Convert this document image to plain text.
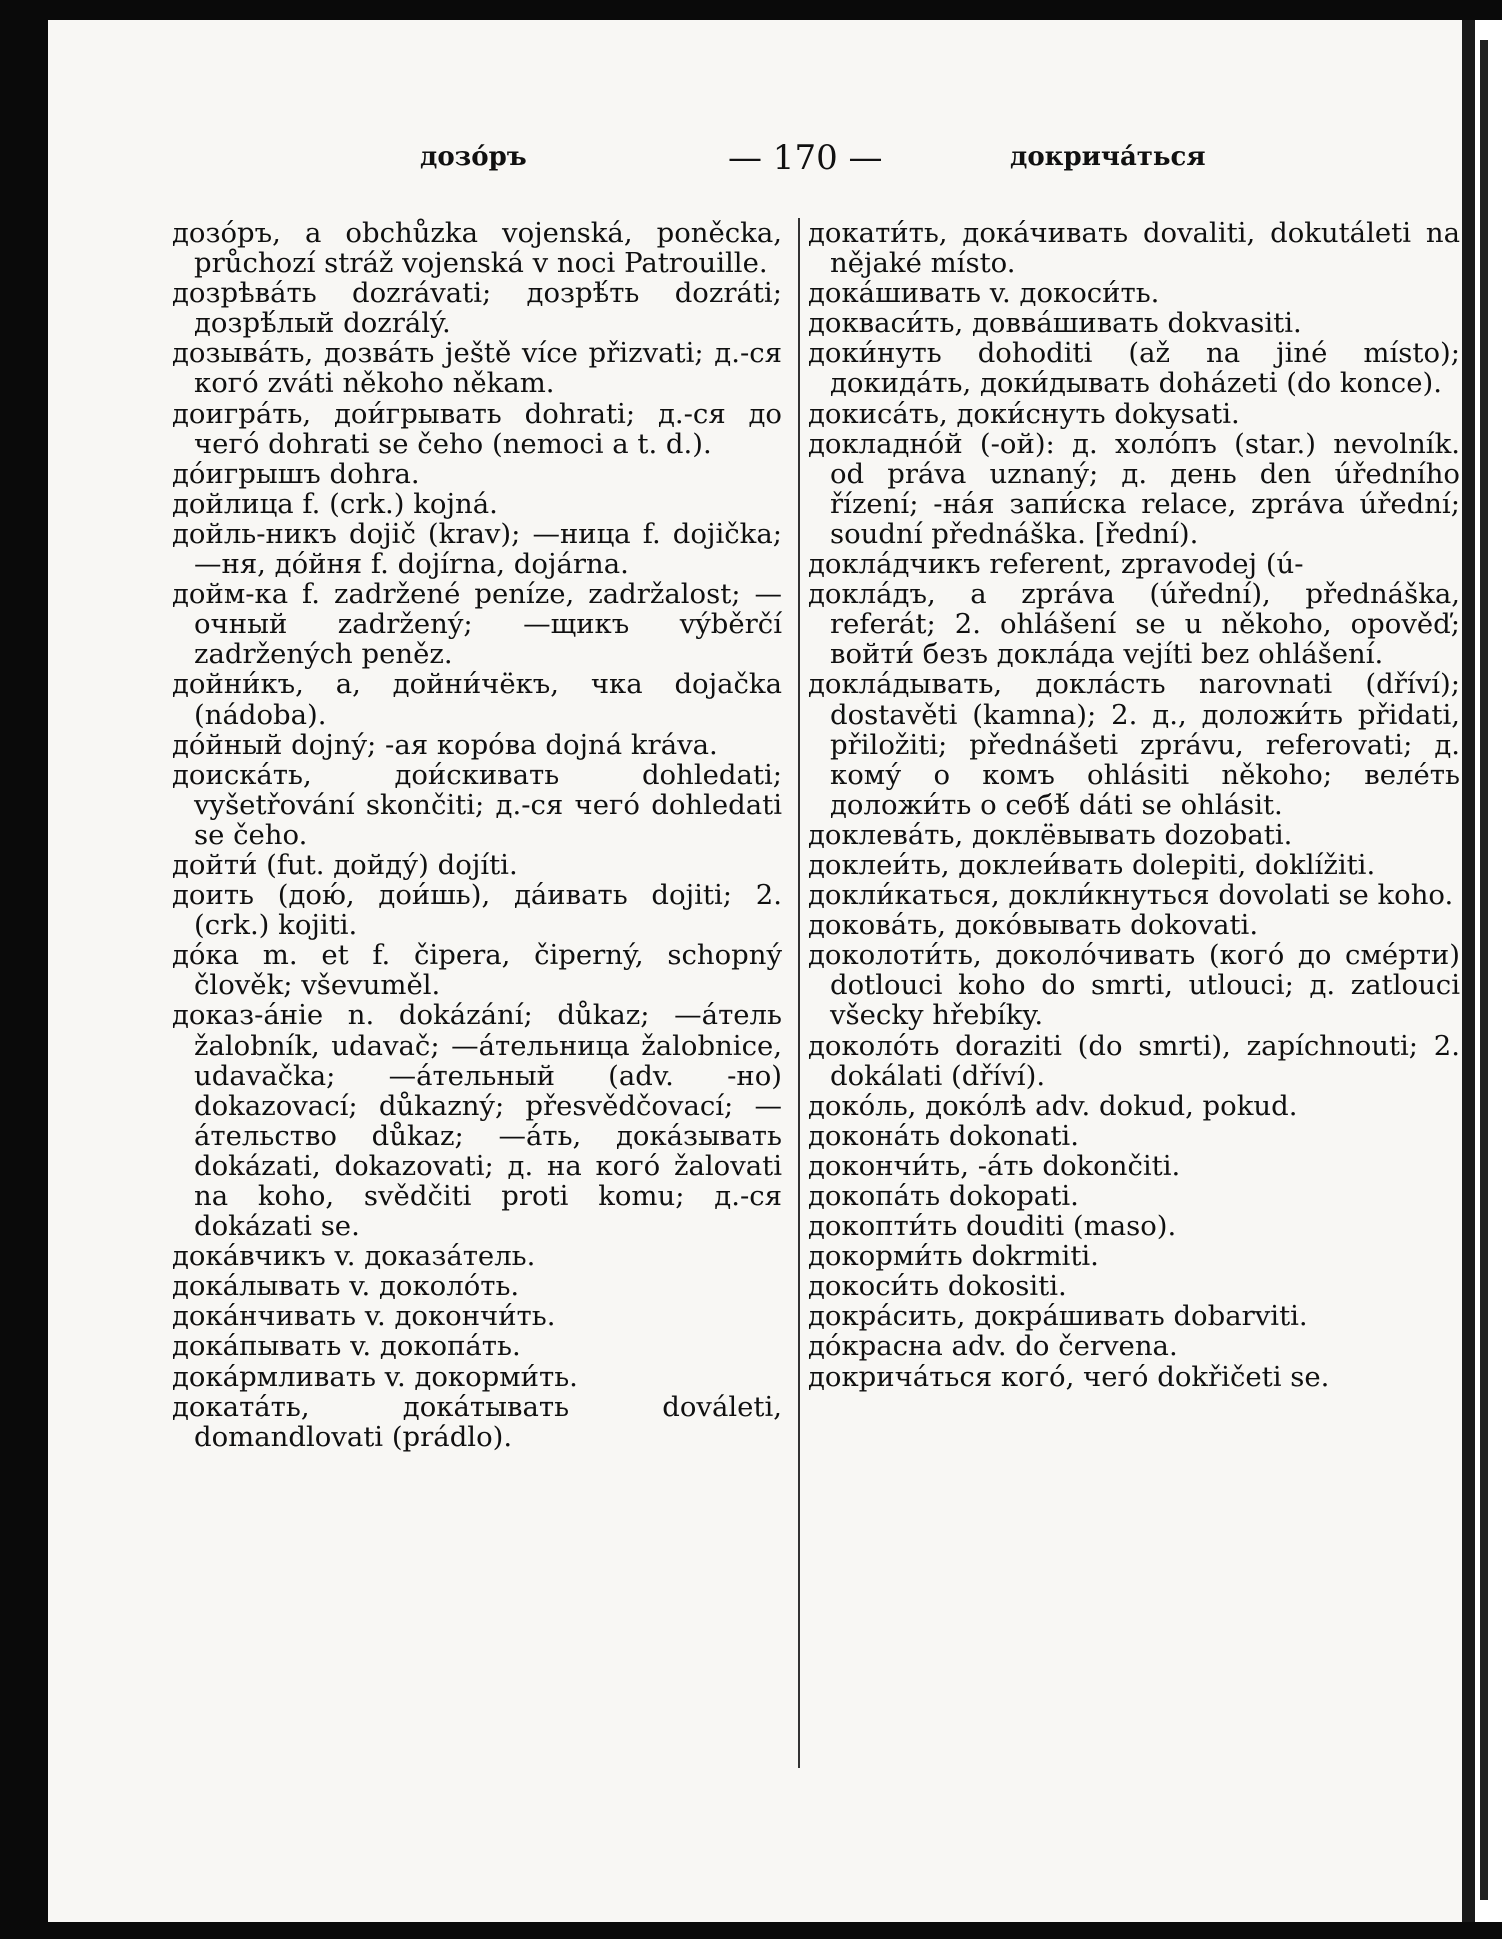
дозо́ръ	— 170 —	докрича́ться

дозо́ръ, a obchůzka vojenská, poněcka, průchozí stráž vojenská v noci Patrouille.

дозрѣва́ть dozrávati; дозрѣ́ть dozráti; дозрѣ́лый dozrálý.

дозыва́ть, дозва́ть ještě více přizvati; д.-ся кого́ zváti někoho někam.

доигра́ть, дои́грывать dohrati; д.-ся до чего́ dohrati se čeho (nemoci a t. d.).

до́игрышъ dohra.

дойлица f. (crk.) kojná.

дойль-никъ dojič (krav); —ница f. dojička; —ня, до́йня f. dojírna, dojárna.

дойм-ка f. zadržené peníze, zadržalost; —очный zadržený; —щикъ výběrčí zadržených peněz.

дойни́къ, a, дойни́чёкъ, чка dojačka (nádoba).

до́йный dojný; -ая коро́ва dojná kráva.

доиска́ть, дои́скивать dohledati; vyšetřování skončiti; д.-ся чего́ dohledati se čeho.

дойти́ (fut. дойду́) dojíti.

доить (дою́, дои́шь), да́ивать dojiti; 2. (crk.) kojiti.

до́ка m. et f. čipera, čiperný, schopný člověk; vševuměl.

доказ-а́ніе n. dokázání; důkaz; —а́тель žalobník, udavač; —а́тельница žalobnice, udavačka; —а́тельный (adv. -но) dokazovací; důkazný; přesvědčovací; —а́тельство důkaz; —а́ть, дока́зывать dokázati, dokazovati; д. на кого́ žalovati na koho, svědčiti proti komu; д.-ся dokázati se.

дока́вчикъ v. доказа́тель.

дока́лывать v. доколо́ть.

дока́нчивать v. докончи́ть.

дока́пывать v. докопа́ть.

дока́рмливать v. докорми́ть.

доката́ть, дока́тывать dováleti, domandlovati (prádlo).

докати́ть, дока́чивать dovaliti, dokutáleti na nějaké místo.

дока́шивать v. докоси́ть.

докваси́ть, довва́шивать dokvasiti.

доки́нуть dohoditi (až na jiné místo); докида́ть, доки́дывать doházeti (do konce).

докиса́ть, доки́снуть dokysati.

докладно́й (-ой): д. холо́пъ (star.) nevolník. od práva uznaný; д. день den úředního řízení; -на́я запи́ска relace, zpráva úřední; soudní přednáška. [řední).

докла́дчикъ referent, zpravodej (ú-

докла́дъ, a zpráva (úřední), přednáška, referát; 2. ohlášení se u někoho, opověď; войти́ безъ докла́да vejíti bez ohlášení.

докла́дывать, докла́сть narovnati (dříví); dostavěti (kamna); 2. д., доложи́ть přidati, přiložiti; přednášeti zprávu, referovati; д. кому́ о комъ ohlásiti někoho; веле́ть доложи́ть о себѣ́ dáti se ohlásit.

доклева́ть, доклёвывать dozobati.

доклеи́ть, доклеи́вать dolepiti, doklížiti.

докли́каться, докли́кнуться dovolati se koho.

докова́ть, доко́вывать dokovati.

доколоти́ть, доколо́чивать (кого́ до сме́рти) dotlouci koho do smrti, utlouci; д. zatlouci všecky hřebíky.

доколо́ть doraziti (do smrti), zapíchnouti; 2. dokálati (dříví).

доко́ль, доко́лѣ adv. dokud, pokud.

докона́ть dokonati.

докончи́ть, -а́ть dokončiti.

докопа́ть dokopati.

докопти́ть douditi (maso).

докорми́ть dokrmiti.

докоси́ть dokositi.

докра́сить, докра́шивать dobarviti.

до́красна adv. do červena.

докрича́ться кого́, чего́ dokřičeti se.
